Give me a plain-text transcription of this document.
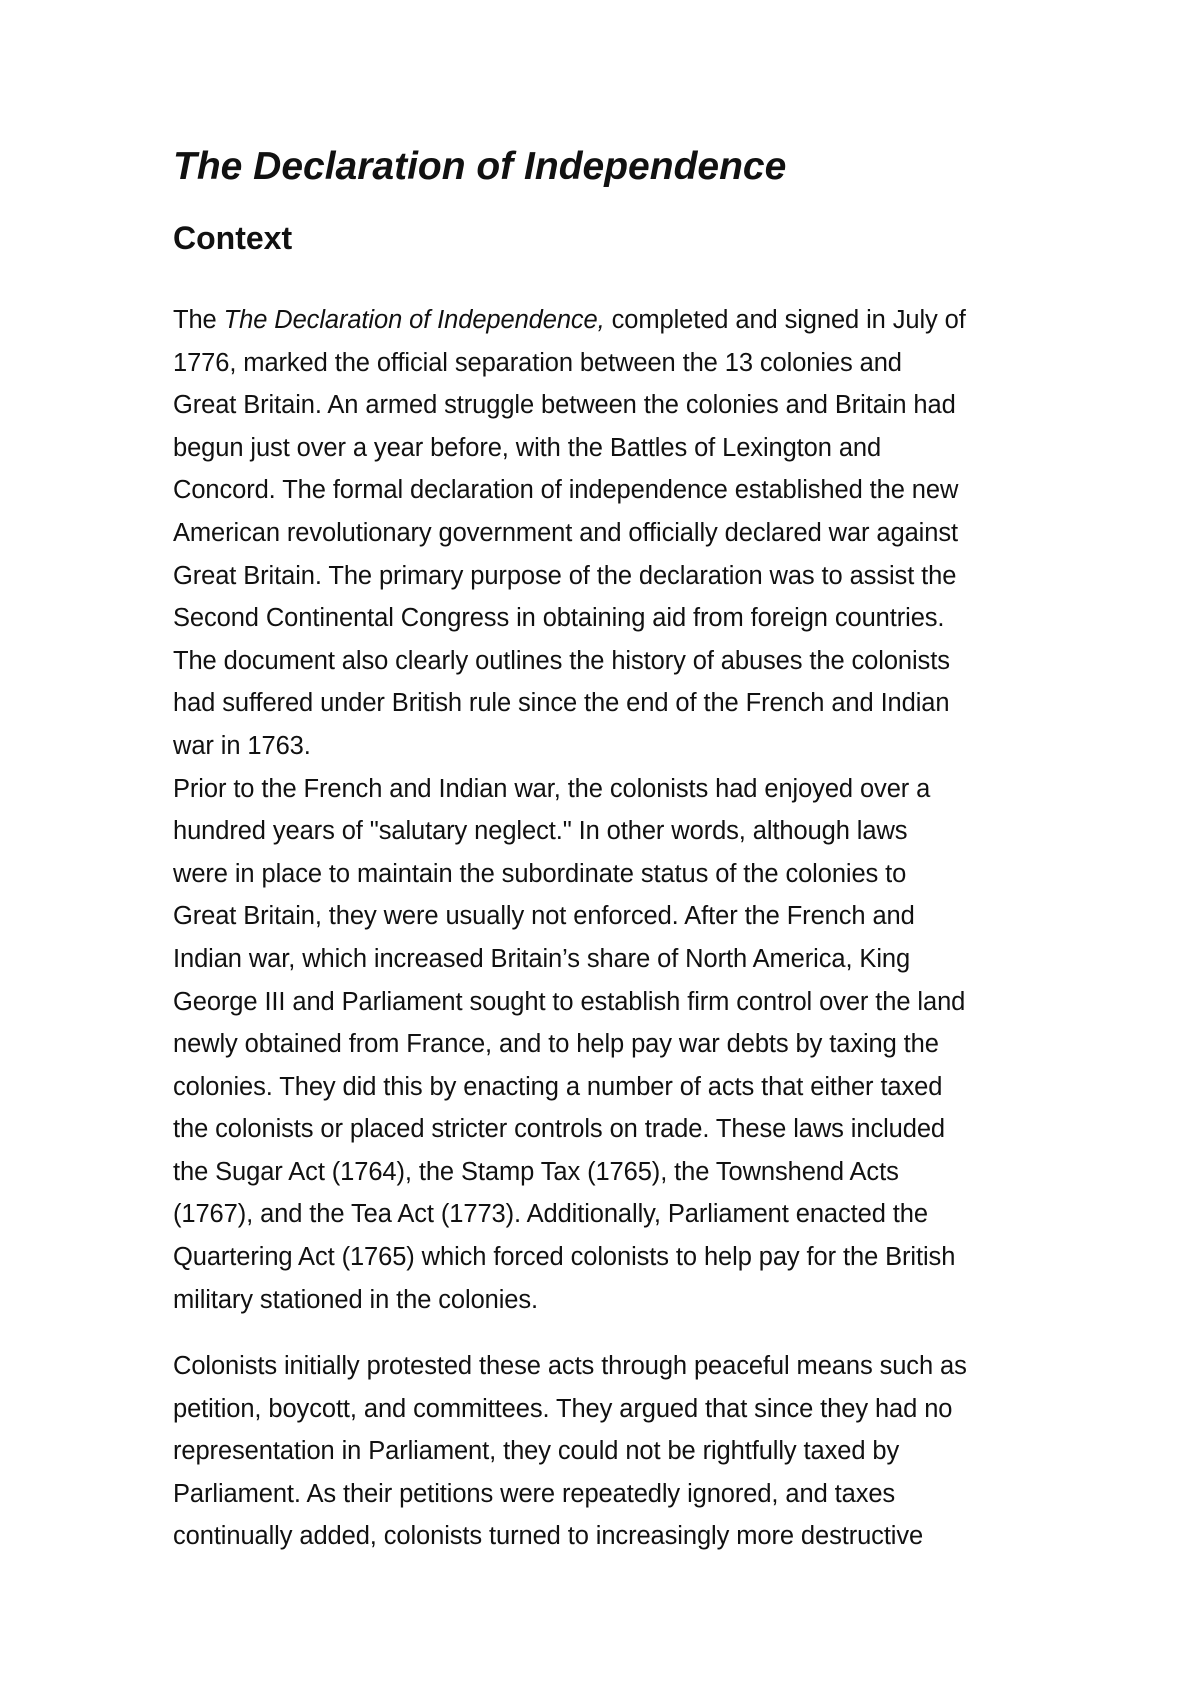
The Declaration of Independence
Context
The The Declaration of Independence, completed and signed in July of
1776, marked the official separation between the 13 colonies and
Great Britain. An armed struggle between the colonies and Britain had
begun just over a year before, with the Battles of Lexington and
Concord. The formal declaration of independence established the new
American revolutionary government and officially declared war against
Great Britain. The primary purpose of the declaration was to assist the
Second Continental Congress in obtaining aid from foreign countries.
The document also clearly outlines the history of abuses the colonists
had suffered under British rule since the end of the French and Indian
war in 1763.
Prior to the French and Indian war, the colonists had enjoyed over a
hundred years of "salutary neglect." In other words, although laws
were in place to maintain the subordinate status of the colonies to
Great Britain, they were usually not enforced. After the French and
Indian war, which increased Britain’s share of North America, King
George III and Parliament sought to establish firm control over the land
newly obtained from France, and to help pay war debts by taxing the
colonies. They did this by enacting a number of acts that either taxed
the colonists or placed stricter controls on trade. These laws included
the Sugar Act (1764), the Stamp Tax (1765), the Townshend Acts
(1767), and the Tea Act (1773). Additionally, Parliament enacted the
Quartering Act (1765) which forced colonists to help pay for the British
military stationed in the colonies.
Colonists initially protested these acts through peaceful means such as
petition, boycott, and committees. They argued that since they had no
representation in Parliament, they could not be rightfully taxed by
Parliament. As their petitions were repeatedly ignored, and taxes
continually added, colonists turned to increasingly more destructive
